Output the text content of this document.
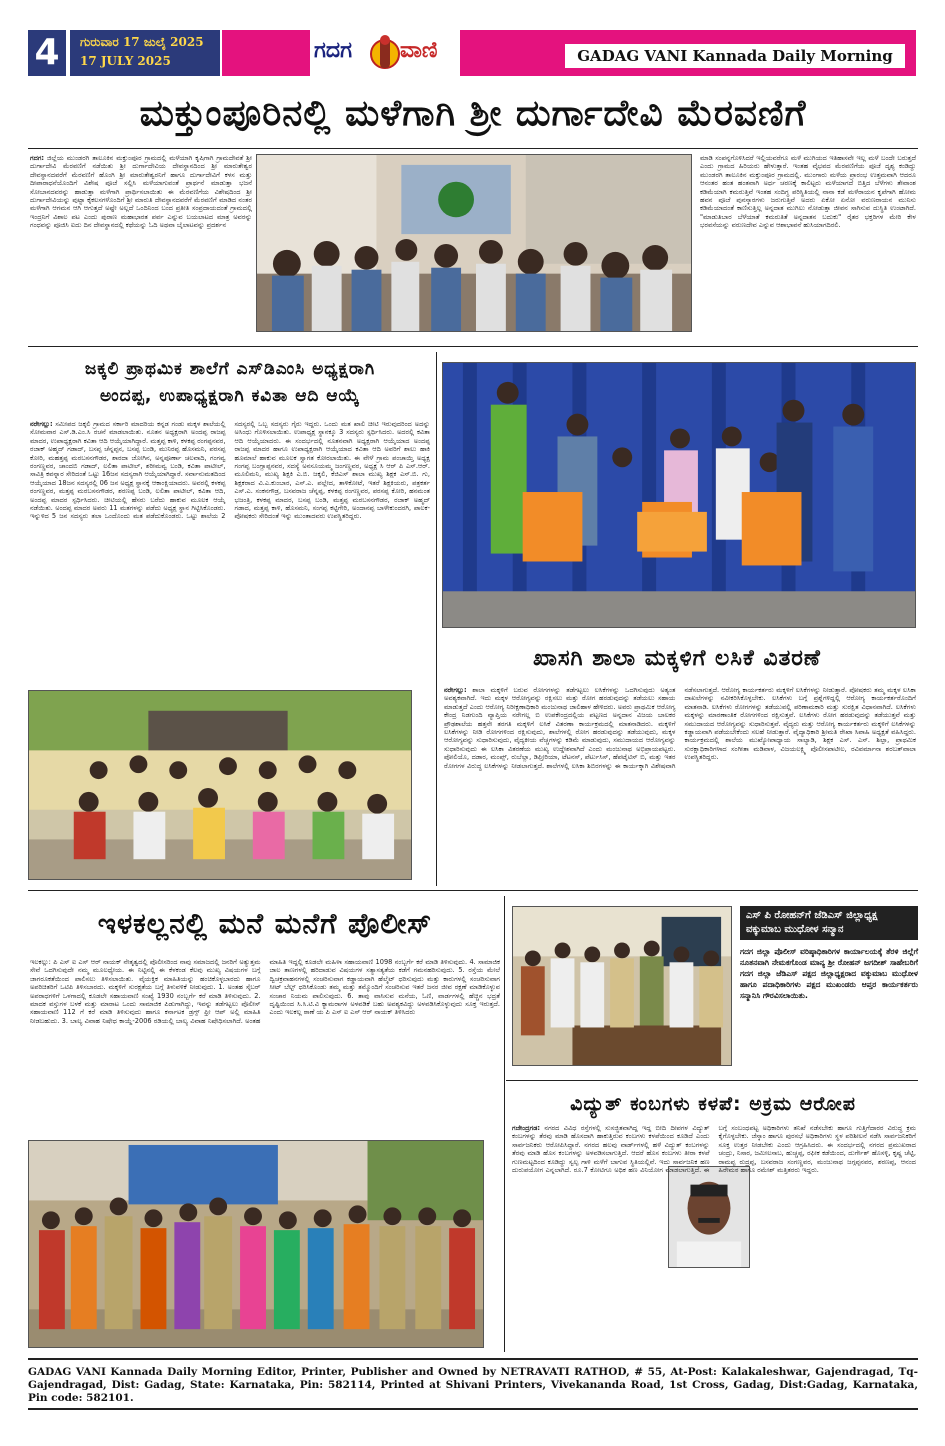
4	ಗುರುವಾರ 17 ಜುಲೈ 2025
17 JULY 2025	ಗದಗ ವಾಣಿ	GADAG VANI Kannada Daily Morning
ಮಕ್ತುಂಪೂರಿನಲ್ಲಿ ಮಳೆಗಾಗಿ ಶ್ರೀ ದುರ್ಗಾದೇವಿ ಮೆರವಣಿಗೆ
ಗದಗ: ಜಿಲ್ಲೆಯ ಮುಂಡರಗಿ ತಾಲೂಕಿನ ಮಕ್ತುಂಪೂರ ಗ್ರಾಮದಲ್ಲಿ ಮಳೆಯಾಗಿ ಕೃಷಿಗಾಗಿ ಗ್ರಾಮದೇವತೆ ಶ್ರೀ ದುರ್ಗಾದೇವಿ ಮೆರವಣಿಗೆ ನಡೆಯಿತು ಶ್ರೀ ದುರ್ಗಾದೇವಿಯ ದೇವಸ್ಥಾನದಿಂದ ಶ್ರೀ ಮಾರುತೇಶ್ವರ ದೇವಸ್ಥಾನದವರೆಗೆ ಮೆರವಣಿಗೆ ಹೊಂಗಿ ಶ್ರೀ ಮಾರುತೇಶ್ವರನಿಗೆ ಹಾಗೂ ದುರ್ಗಾದೇವಿಗೆ ಕಳಸ ಮತ್ತು ದೀಪಾರಾಧನೆಯೊಂದಿಗೆ ವಿಶೇಷ ಪೂಜೆ ಸಲ್ಲಿಸಿ ಮಳೆಯಾಗುವಂತೆ ಪ್ರಾರ್ಥನೆ ಮಾಡುತ್ತಾ ಭಜನೆ ಸೋಬಾನದವರನ್ನು ಹಾಡುತ್ತಾ ಮಳೆಗಾಗಿ ಪ್ರಾರ್ಥಿಸಲಾಯಿತು ಈ ಮೆರವಣಿಗೆಯ ವಿಶೇಷದಿಂದ ಶ್ರೀ ದುರ್ಗಾದೇವಿಯನ್ನು ಪುಟ್ಟಾ ಕೈಕಲಸಗಳೊಂದಿಗೆ ಶ್ರೀ ಮಾರುತಿ ದೇವಸ್ಥಾನದವರೆಗೆ ಮೆರವಣಿಗೆ ಮಾಡಿದ ನಂತರ ಮಳೆಗಾಗಿ ಆಗಮನ ಆಗಿ ಆಗುತ್ತದೆ ಅಷ್ಟೇ ಅಲ್ಲದೆ ಒಂದಿನಿಂದ ಬಂದ ಪ್ರತೀತಿ ಸಂಪ್ರದಾಯದಂತೆ ಗ್ರಾಮದಲ್ಲಿ ಇಂದ್ರನಿಗೆ ವಿಶಾಲ ಪಟ ಎಂದು ಪುರಾಣ ಮಹಾಭಾರತ ಪರ್ವ ಎನ್ನುವ ಬಯಲಾಟದ ಮಾತ್ರ ಅವರನ್ನು ಗಂಧವನ್ನು ಪೂಜಿಸಿ ಐದು ದಿನ ದೇವಸ್ಥಾನದಲ್ಲಿ ಕಥೆಯನ್ನು ಓದಿ ಅಥವಾ ಬೈಲಾಟವನ್ನು ಪ್ರದರ್ಶನ
ಮಾಡಿ ಸಂಪನ್ನಗೊಳಿಸಿದರೆ ಇಲ್ಲಿಯವರೆಗೂ ಮಳೆ ಮುಗಿಯದ ಇತಿಹಾಸವೇ ಇಲ್ಲ ಮಳೆ ಬಂದೇ ಬರುತ್ತದೆ ಎಂದು ಗ್ರಾಮದ ಹಿರಿಯರು ಹೇಳುತ್ತಾರೆ. ಇಂತಹ ವೈಭವದ ಮೆರವಣಿಗೆಯ ಪೂಜೆ ದೃಶ್ಯ ಕಂಡಿದ್ದು ಮುಂಡರಗಿ ತಾಲೂಕಿನ ಮಕ್ತುಂಪೂರ ಗ್ರಾಮದಲ್ಲಿ. ಮುಂಗಾರು ಮಳೆಯ ಪ್ರಾರಂಭ ಉತ್ತಮವಾಗಿ ಆದರೂ ಆನಂತರ ಹಂತ ಹಂತವಾಗಿ ಅರ್ಧ ಚರಣಕ್ಕೆ ಕಾಲಿಟ್ಟರು ಮಳೆಯಾಗದೆ ಬಿತ್ತಿದ ಬೆಳೆಗಳು ತೇವಾಂಶ ಕಡಿಮೆಯಾಗಿ ಕಮರುತ್ತಿವೆ ಇಂತಹ ಸಂದಿಗ್ಧ ಪರಿಸ್ಥಿತಿಯಲ್ಲಿ ನಾನಾ ಕಡೆ ಮಳೆರಾಯನ ಕೃಪೆಗಾಗಿ ಹೋಮ ಹವನ ಪೂಜೆ ಪುನಸ್ಕಾರಗಳು ಜರುಗುತ್ತಿವೆ ಅದರು ಏಕೋ ಏನೋ ವರುಣರಾಯನ ಮುನಿಸು ಕಡಿಮೆಯಾದಂತೆ ಕಾಣಿಸುತ್ತಿಲ್ಲ ಅನ್ನದಾತ ಮುಗಿಲು ನೋಡುತ್ತಾ ಜೀವನ ಸಾಗಿಸುವ ದುಸ್ಥಿತಿ ಉಂಟಾಗಿದೆ. "ಮಾಡುತಿಬಾರ ಬೆಳೆಯಾತೆ ಕಮರುತಿತೆ ಅನ್ನದಾತನ ಬದುಕು" ರೈತರ ಭಕ್ತರಿಗಳ ಮೇರಿ ಕೇಳ ಭರವಸೆಯನ್ನು ವರುಣದೇವ ಎನ್ನುವ ಆಶಾಭಾವನೆ ಹುಸಿಯಾಗದಿರಲಿ.
ಜಕ್ಕಲಿ ಪ್ರಾಥಮಿಕ ಶಾಲೆಗೆ ಎಸ್‌ಡಿಎಂಸಿ ಅಧ್ಯಕ್ಷರಾಗಿ
ಅಂದಪ್ಪ, ಉಪಾಧ್ಯಕ್ಷರಾಗಿ ಕವಿತಾ ಆದಿ ಆಯ್ಕೆ
ನರೇಗಲ್ಲು: ಸಮೀಪದ ಜಕ್ಕಲಿ ಗ್ರಾಮದ ಸರ್ಕಾರಿ ಮಾದರಿಯ ಕನ್ನಡ ಗಂಡು ಮಕ್ಕಳ ಶಾಲೆಯಲ್ಲಿ ಸೋಮವಾರ ಎಸ್.ಡಿ.ಎಂ.ಸಿ ರಚನೆ ಮಾಡಲಾಯಿತು. ನೂತನ ಅಧ್ಯಕ್ಷರಾಗಿ ಅಂದಪ್ಪ ರಾಜಪ್ಪ ಮಾದರ, ಉಪಾಧ್ಯಕ್ಷರಾಗಿ ಕವಿತಾ ಆದಿ ಆಯ್ಕೆಯಾಗಿದ್ದಾರೆ. ಮತ್ತಪ್ಪ ಕಾಳಿ, ಕಳಕಪ್ಪ ರಂಗಪ್ಪನವರ, ರಜಾಕ್ ಅಹ್ಮದ್ ಗಡಾದ್, ಬಸಪ್ಪ ಚೆನ್ನಪ್ಪನ, ಬಸಪ್ಪ ಬಂಡಿ, ಮುನಿರಪ್ಪ ಹೊಸಮನಿ, ಪರಸಪ್ಪ ಕೋರಿ, ಮಹತ್ತಪ್ಪ ಮರಬಸನಗೌಡರ, ಶಾರದಾ ಜೋಗಿನ, ಅನ್ನಪೂರ್ಣಾ ಚಲವಾದಿ, ಗಂಗವ್ವ ರಂಗಣ್ಣವರ, ಚಾಂದಬಿ ಗಡಾದ್, ಲಲಿತಾ ಪಾಟೀಲ್, ಶರೀಮವ್ವ ಬಂಡಿ, ಕವಿತಾ ಪಾಟೀಲ್, ಸಾವಿತ್ರಿ ಕವನ್ನಾರ ಸೇರಿದಂತೆ ಒಟ್ಟು 16ಜನ ಸದಸ್ಯರಾಗಿ ಆಯ್ಕೆಯಾಗಿದ್ದಾರೆ. ಸರ್ವಾನುಮತದಿಂದ ಆಯ್ಕೆಯಾದ 18ಜನ ಸದಸ್ಯರಲ್ಲಿ 06 ಜನ ಅಧ್ಯಕ್ಷ ಸ್ಥಾನಕ್ಕೆ ಆಕಾಂಕ್ಷಿಯಾದರು. ಅವರಲ್ಲಿ ಕಳಕಪ್ಪ ರಂಗಣ್ಣವರ, ಮತ್ತಪ್ಪ ಮರಬಸನಗೌಡರ, ಶರಣಪ್ಪ ಬಂಡಿ, ಲಲಿತಾ ಪಾಟೀಲ್, ಕವಿತಾ ಆದಿ, ಅಂದಪ್ಪ ಮಾದರ ಸ್ಪರ್ಧಿಸಿದರು. ಚೀಟಿಯಲ್ಲಿ ಹೆಸರು ಬರೆದು ಹಾಕುವ ಮೂಲಕ ಆಯ್ಕೆ ನಡೆಯಿತು. ಅಂದಪ್ಪ ಮಾದರ ಅವರು 11 ಮತಗಳನ್ನು ಪಡೆದು ಅಧ್ಯಕ್ಷ ಸ್ಥಾನ ಗಿಟ್ಟಿಸಿಕೊಂಡರು. ಇನ್ನುಳಿದ 5 ಜನ ಸದಸ್ಯರು ತಲಾ ಒಂದೊಂದು ಮತ ಪಡೆದುಕೊಂಡರು. ಒಟ್ಟು ಶಾಲೆಯ 2 ಸದಸ್ಯರಲ್ಲಿ ಒಬ್ಬ ಸದಸ್ಯರು ಗೈರು ಇದ್ದರು. ಒಂದು ಮತ ಖಾಲಿ ಚೀಟಿ ಇರುವುದರಿಂದ ಅದನ್ನು ಅಸಿಂಧು ಗೊಳಿಸಲಾಯಿತು. ಉಪಾಧ್ಯಕ್ಷ ಸ್ಥಾನಕ್ಕೂ 3 ಸದಸ್ಯರು ಸ್ಪರ್ಧಿಸಿದರು. ಅದರಲ್ಲಿ ಕವಿತಾ ಆದಿ ಆಯ್ಕೆಯಾದರು. ಈ ಸಂದರ್ಭದಲ್ಲಿ ನೂತನವಾಗಿ ಅಧ್ಯಕ್ಷರಾಗಿ ಆಯ್ಕೆಯಾದ ಅಂದಪ್ಪ ರಾಜಪ್ಪ ಮಾದರ ಹಾಗೂ ಉಪಾಧ್ಯಕ್ಷರಾಗಿ ಆಯ್ಕೆಯಾದ ಕವಿತಾ ಆದಿ ಅವರಿಗೆ ಶಾಲು ಹಾಕಿ ಹೂಮಾಲೆ ಹಾಕುವ ಮೂಲಕ ಸ್ವಾಗತ ಕೋರಲಾಯಿತು. ಈ ವೇಳೆ ಗ್ರಾಮ ಪಂಚಾಯ್ತಿ ಅಧ್ಯಕ್ಷ ಗಂಗಪ್ಪ ಬಂಗ್ಲಾಪ್ಪನವರ, ಸದಸ್ಯೆ ಅನಸೂಯಮ್ಮ ಜಂಗಣ್ಣವರ, ಅಧ್ಯಕ್ಷ ಸಿ ಆರ್ ಪಿ ಎಸ್.ಆರ್. ಮೂಲಿಮನಿ, ಮುಖ್ಯ ಶಿಕ್ಷಕಿ ಎ.ಬಿ. ಜಕ್ಕಲಿ, ಕೆಜಿಎಸ್ ಶಾಲಾ ಮುಖ್ಯ ಶಿಕ್ಷಕ ಎಸ್.ಬಿ. ಗು, ಶಿಕ್ಷಕರಾದ ವಿ.ಎ.ಕುಂಬಾರ, ಎಸ್.ಎ. ಪಲ್ಲೇದ, ತಾಳಿಕೋಟೆ, ಇತರೆ ಶಿಕ್ಷಕಿಯರು, ಪತ್ರಕರ್ತ ಎಸ್.ಎ. ಸಂಕನಗೌಡ್ರ, ಬಸವರಾಜ ಚೆನ್ನಪ್ಪ, ಕಳಕಪ್ಪ ರಂಗಣ್ಣವರ, ಪರಸಪ್ಪ ಕೋರಿ, ಹನಮಂತ ಭಜಂತ್ರಿ, ಕಳಕಪ್ಪ ಮಾದರ, ಬಸಪ್ಪ ಬಂಡಿ, ಮತ್ತಪ್ಪ ಮರಬಸನಗೌಡರ, ರಜಾಕ್ ಅಹ್ಮದ್ ಗಡಾದ, ಮತ್ತಪ್ಪ ಕಾಳಿ, ಹೊಸಮನಿ, ಸಂಗಪ್ಪ ಕಟ್ಟಿಗೇರಿ, ಅಂದಾನಪ್ಪ ಬಾಳೇಕುಂದರಗಿ, ಪಾಲಕ-ಪೋಷಕರು ಸೇರಿದಂತೆ ಇನ್ನು ಮುಂತಾದವರು ಉಪಸ್ಥಿತರಿದ್ದರು.
ಖಾಸಗಿ ಶಾಲಾ ಮಕ್ಕಳಿಗೆ ಲಸಿಕೆ ವಿತರಣೆ
ನರೇಗಲ್ಲು: ಶಾಲಾ ಮಕ್ಕಳಿಗೆ ಬರುವ ರೋಗಗಳನ್ನು ತಡೆಗಟ್ಟಲು ಲಸಿಕೆಗಳನ್ನು ಒದಗಿಸುವುದು ಅತ್ಯಂತ ಅವಶ್ಯಕವಾಗಿದೆ. ಇದು ಮಕ್ಕಳ ಆರೋಗ್ಯವನ್ನು ರಕ್ಷಿಸಲು ಮತ್ತು ರೋಗ ಹರಡುವುದನ್ನು ತಡೆಯಲು ಸಹಾಯ ಮಾಡುತ್ತದೆ ಎಂದು ಆರೋಗ್ಯ ನಿರೀಕ್ಷಣಾಧಿಕಾರಿ ಮಂಜುನಾಥ ಜಾಲಿಹಾಳ ಹೇಳಿದರು. ಅವರು ಪ್ರಾಥಮಿಕ ಆರೋಗ್ಯ ಕೇಂದ್ರ ನಿಡಗುಂದಿ ವ್ಯಾಪ್ತಿಯ ನರೇಗಲ್ಲ ಬಿ ಉಪಕೇಂದ್ರದಲ್ಲಿಯ ಪಟ್ಟಣದ ಅನ್ನದಾನ ವಿಜಯ ಬಾಲಕರ ಪ್ರೌಢಶಾಲೆಯ ಹತ್ತನೇ ತರಗತಿ ಮಕ್ಕಳಿಗೆ ಲಸಿಕೆ ವಿತರಣಾ ಕಾರ್ಯಕ್ರಮದಲ್ಲಿ ಮಾತನಾಡಿದರು. ಮಕ್ಕಳಿಗೆ ಲಸಿಕೆಗಳನ್ನು ನೀಡಿ ರೋಗಗಳಿಂದ ರಕ್ಷಿಸುವುದು, ಶಾಲೆಗಳಲ್ಲಿ ರೋಗ ಹರಡುವುದನ್ನು ತಡೆಯುವುದು, ಮಕ್ಕಳ ಆರೋಗ್ಯವನ್ನು ಸುಧಾರಿಸುವುದು, ವೈದ್ಯಕೀಯ ವೆಚ್ಚಗಳನ್ನು ಕಡಿಮೆ ಮಾಡುವುದು, ಸಮುದಾಯದ ಆರೋಗ್ಯವನ್ನು ಸುಧಾರಿಸುವುದು ಈ ಲಸಿಕಾ ವಿತರಣೆಯ ಮುಖ್ಯ ಉದ್ದೇಶವಾಗಿದೆ ಎಂದು ಮಂಜುನಾಥ ಅಭಿಪ್ರಾಯಪಟ್ಟರು. ಪೋಲಿಯೊ, ದಡಾರ, ಮಂಪ್ಸ್, ರುಬೆಲ್ಲಾ, ಡಿಫ್ತೀರಿಯಾ, ಟೆಟನಸ್, ಪೆರ್ಟುಸಿಸ್, ಹೆಪಟೈಟಿಸ್ ಬಿ, ಮತ್ತು ಇತರ ರೋಗಗಳ ವಿರುದ್ಧ ಲಸಿಕೆಗಳನ್ನು ನೀಡಲಾಗುತ್ತದೆ. ಶಾಲೆಗಳಲ್ಲಿ ಲಸಿಕಾ ಶಿಬಿರಗಳನ್ನು ಈ ಕಾರ್ಯಕ್ಕಾಗಿ ವಿಶೇಷವಾಗಿ ನಡೆಸಲಾಗುತ್ತದೆ. ಆರೋಗ್ಯ ಕಾರ್ಯಕರ್ತರು ಮಕ್ಕಳಿಗೆ ಲಸಿಕೆಗಳನ್ನು ನೀಡುತ್ತಾರೆ. ಪೋಷಕರು ತಮ್ಮ ಮಕ್ಕಳ ಲಸಿಕಾ ದಾಖಲೆಗಳನ್ನು ನವೀಕರಿಸಿಕೊಳ್ಳಬೇಕು. ಲಸಿಕೆಗಳು ಬಗ್ಗೆ ಪ್ರಶ್ನೆಗಳಿದ್ದಲ್ಲಿ ಆರೋಗ್ಯ ಕಾರ್ಯಕರ್ತರೊಂದಿಗೆ ಮಾತನಾಡಿ. ಲಸಿಕೆಗಳು ರೋಗಗಳನ್ನು ತಡೆಯುವಲ್ಲಿ ಪರಿಣಾಮಕಾರಿ ಮತ್ತು ಸುರಕ್ಷಿತ ವಿಧಾನವಾಗಿದೆ. ಲಸಿಕೆಗಳು ಮಕ್ಕಳನ್ನು ಮಾರಣಾಂತಿಕ ರೋಗಗಳಿಂದ ರಕ್ಷಿಸುತ್ತವೆ. ಲಸಿಕೆಗಳು ರೋಗ ಹರಡುವುದನ್ನು ತಡೆಯುತ್ತವೆ ಮತ್ತು ಸಮುದಾಯದ ಆರೋಗ್ಯವನ್ನು ಸುಧಾರಿಸುತ್ತವೆ. ವೈದ್ಯರು ಮತ್ತು ಆರೋಗ್ಯ ಕಾರ್ಯಕರ್ತರು ಮಕ್ಕಳಿಗೆ ಲಸಿಕೆಗಳನ್ನು ಕಡ್ಡಾಯವಾಗಿ ಪಡೆಯಬೇಕೆಂದು ಸಲಹೆ ನೀಡುತ್ತಾರೆ. ವೈದ್ಯಾಧಿಕಾರಿ ಶ್ರೀಮತಿ ರೇಖಾ ಸಿಪಾಹಿ ಅಧ್ಯಕ್ಷತೆ ವಹಿಸಿದ್ದರು. ಕಾರ್ಯಕ್ರಮದಲ್ಲಿ ಶಾಲೆಯ ಮುಖ್ಯೋಪಾಧ್ಯಾಯ ಸಾಲ್ಯಾಡಿ, ಶಿಕ್ಷಕ ಎಸ್. ಎಸ್. ಶಿಲ್ಪಾ, ಪ್ರಾಥಮಿಕ ಸುರಕ್ಷಾಧಿಕಾರಿಗಳಾದ ಸಂಗೀತಾ ಮಡಿವಾಳ, ವಿಜಯಲಕ್ಷ್ಮಿ ಪೊಲೀಸಪಾಟೀಲ, ರವಿವರ್ಮಾನಾ ಶರಬತ್‌ವಾಲಾ ಉಪಸ್ಥಿತರಿದ್ದರು.
ಇಳಕಲ್ಲನಲ್ಲಿ ಮನೆ ಮನೆಗೆ ಪೊಲೀಸ್
ಇಲಕಲ್ಲು: ಪಿ ಎಸ್ ಐ ಎಸ್ ಆರ್ ನಾಯಕ್ ನೇತೃತ್ವದಲ್ಲಿ ಪೊಲೀಸರಿಂದ ನಾವು ಸಮಾಜದಲ್ಲಿ ಜನರಿಗೆ ಅತ್ಯುತ್ತಮ ಸೇವೆ ಒದಗಿಸುವುದೇ ನಮ್ಮ ಮೂಲಧ್ಯೇಯ. ಈ ನಿಟ್ಟಿನಲ್ಲಿ ಈ ಕೆಳಕಂಡ ಕೆಲವು ಮುಖ್ಯ ವಿಷಯಗಳ ಬಗ್ಗೆ ಜಾಗರೂಕತೆಯಿಂದ ಪಾಲಿಸಲು ತಿಳಿಸಲಾಯಿತು. ವೈಯಕ್ತಿಕ ಮಾಹಿತಿಯನ್ನು ಹಂಚಿಕೊಳ್ಳಬಾರದು ಹಾಗೂ ಅಪರಿಚಿತರಿಗೆ ಒಟಿಪಿ ತಿಳಿಸಬಾರದು. ಮಕ್ಕಳಿಗೆ ಸುರಕ್ಷತೆಯ ಬಗ್ಗೆ ತಿಳುವಳಿಕೆ ನೀಡುವುದು. 1. ಅಂತಹ ಸೈಬರ್ ಅಪರಾಧಗಳಿಗೆ ಒಳಗಾದಲ್ಲಿ ಕೂಡಲೇ ಸಹಾಯವಾಣಿ ಸಂಖ್ಯೆ 1930 ನಂಬ್ಬರ್ಗೆ ಕರೆ ಮಾಡಿ ತಿಳಿಸುವುದು. 2. ಮಾದಕ ವಸ್ತುಗಳ ಬಳಕೆ ಮತ್ತು ಮಾರಾಟ ಒಂದು ಸಾಮಾಜಿಕ ಪಿಡುಗಾಗಿದ್ದು, ಇವನ್ನು ತಡೆಗಟ್ಟಲು ಪೊಲೀಸ್ ಸಹಾಯವಾಣಿ 112 ಗೆ ಕರೆ ಮಾಡಿ ತಿಳಿಸುವುದು ಹಾಗೂ ಕರ್ನಾಟಕ ಡ್ರಗ್ಸ್ ಫ್ರೀ ಆಪ್ ಅಲ್ಲಿ ಮಾಹಿತಿ ನೀಡಬಹುದು. 3. ಬಾಲ್ಯ ವಿವಾಹ ನಿಷೇಧ ಕಾಯ್ದೆ-2006 ರಡಿಯಲ್ಲಿ ಬಾಲ್ಯ ವಿವಾಹ ನಿಷೇಧಿಸಲಾಗಿದೆ. ಅಂತಹ ಮಾಹಿತಿ ಇದ್ದಲ್ಲಿ ಕೂಡಲೇ ಮಹಿಳಾ ಸಹಾಯವಾಣಿ 1098 ನಂಬ್ಬರ್ಗೆ ಕರೆ ಮಾಡಿ ತಿಳಿಸುವುದು. 4. ಸಾಮಾಜಿಕ ಜಾಲ ತಾಣಗಳಲ್ಲಿ ಹರಿದಾಡುವ ವಿಷಯಗಳ ಸತ್ಯಾಸತ್ಯತೆಯ ಕಡೆಗೆ ಗಮನಹರಿಸುವುದು. 5. ರಸ್ತೆಯ ಮೇಲೆ ದ್ವಿಚಕ್ರವಾಹನಗಳಲ್ಲಿ ಸಂಚರಿಸುವಾಗ ಕಡ್ಡಾಯವಾಗಿ ಹೆಲ್ಮೆಟ್ ಧರಿಸುವುದು ಮತ್ತು ಕಾರುಗಳಲ್ಲಿ ಸಂಚರಿಸುವಾಗ ಸೀಟ್ ಬೆಲ್ಟ್ ಧರಿಸಿಕೊಂಡು ತಮ್ಮ ಮತ್ತು ತಮ್ಮೊಂದಿಗೆ ಸಂಚರಿಸುವ ಇತರೆ ಜನರ ಜೀವ ರಕ್ಷಣೆ ಮಾಡಿಕೊಳ್ಳುವ ಸಂಚಾರ ನಿಯಮ ಪಾಲಿಸುವುದು. 6. ತಾವು ವಾಸಿಸುವ ಮನೆಯ, ಓಣಿ, ವಾರ್ಡಗಳಲ್ಲಿ ಹೆಚ್ಚಿನ ಭದ್ರತೆ ದೃಷ್ಟಿಯಿಂದ ಸಿ.ಸಿ.ಟಿ.ವಿ ಕ್ಯಾಮರಾಗಳ ಅಳವಡಿಕೆ ಬಹು ಅವಶ್ಯಕವಿದ್ದು ಅಳವಡಿಸಿಕೊಳ್ಳುವುದು ಸೂಕ್ತ ಇರುತ್ತದೆ. ಎಂದು ಇಲಕಲ್ಲ ಠಾಣೆ ಯ ಪಿ ಎಸ್ ಐ ಎಸ್ ಆರ್ ನಾಯಕ್ ತಿಳಿಸಿದರು
ಎಸ್ ಪಿ ರೋಹನ್‌ಗೆ ಜೆಡಿಎಸ್ ಜಿಲ್ಲಾಧ್ಯಕ್ಷ ವಕ್ಕುಮಾಬ ಮುಧೋಳ ಸನ್ಮಾನ
ಗದಗ ಜಿಲ್ಲಾ ಪೊಲೀಸ್ ವರಿಷ್ಠಾಧಿಕಾರಿಗಳ ಕಾರ್ಯಾಲಯಕ್ಕೆ ತೆರಳಿ ಜಿಲ್ಲೆಗೆ ನೂತನವಾಗಿ ನೇಮಕಗೊಂಡ ಮಾನ್ಯ ಶ್ರೀ ರೋಹನ್ ಜಗದೀಶ್ ಸಾಹೇಬರಿಗೆ ಗದಗ ಜಿಲ್ಲಾ ಜೆಡಿಎಸ್ ಪಕ್ಷದ ಜಿಲ್ಲಾಧ್ಯಕ್ಷರಾದ ವಕ್ಕುಮಾಬ ಮುಧೋಳ ಹಾಗೂ ಪದಾಧಿಕಾರಿಗಳು ಪಕ್ಷದ ಮುಖಂಡರು ಆಪ್ತರ ಕಾರ್ಯಕರ್ತರು ಸನ್ಮಾನಿಸಿ ಗೌರವಿಸಲಾಯಿತು.
ವಿದ್ಯುತ್ ಕಂಬಗಳು ಕಳಪೆ: ಅಕ್ರಮ ಆರೋಪ
ಗಜೇಂದ್ರಗಡ: ನಗರದ ವಿವಿಧ ರಸ್ತೆಗಳಲ್ಲಿ ಸುಸಜ್ಜಿತವಾಗಿದ್ದ ಇದ್ದ ಬೀದಿ ದೀಪಗಳ ವಿದ್ಯುತ್ ಕಂಬಗಳನ್ನು ತೆರವು ಮಾಡಿ ಹೊಸದಾಗಿ ಹಾಕುತ್ತಿರುವ ಕಂಬಗಳು ಕಳಪೆಯಿಂದ ಕೂಡಿದೆ ಎಂದು ಸಾರ್ವಜನಿಕರು ಆರೋಪಿಸಿದ್ದಾರೆ. ನಗರದ ಹಲವು ವಾರ್ಡ್‌ಗಳಲ್ಲಿ ಹಳೆ ವಿದ್ಯುತ್ ಕಂಬಗಳನ್ನು ತೆರವು ಮಾಡಿ ಹೊಸ ಕಂಬಗಳನ್ನು ಅಳವಡಿಸಲಾಗುತ್ತಿದೆ. ಆದರೆ ಹೊಸ ಕಂಬಗಳು ತೀರಾ ಕಳಪೆ ಗುಣಮಟ್ಟದಿಂದ ಕೂಡಿದ್ದು ಸ್ವಲ್ಪ ಗಾಳಿ ಮಳೆಗೆ ಬಾಗುವ ಸ್ಥಿತಿಯಲ್ಲಿವೆ. ಇದು ಸಾರ್ವಜನಿಕ ಹಣ ದುರುಪಯೋಗ ಎನ್ನಲಾಗಿದೆ. ರೂ.7 ಕೋಟಿಗೂ ಅಧಿಕ ಹಣ ವಿನಿಯೋಗ ಮಾಡಲಾಗುತ್ತಿದೆ. ಈ ಬಗ್ಗೆ ಸಂಬಂಧಪಟ್ಟ ಅಧಿಕಾರಿಗಳು ತನಿಖೆ ನಡೆಸಬೇಕು ಹಾಗೂ ಗುತ್ತಿಗೆದಾರರ ವಿರುದ್ಧ ಕ್ರಮ ಕೈಗೊಳ್ಳಬೇಕು. ಜೆಸ್ಕಾಂ ಹಾಗೂ ಪುರಸಭೆ ಅಧಿಕಾರಿಗಳು ಸ್ಥಳ ಪರಿಶೀಲನೆ ನಡೆಸಿ ಸಾರ್ವಜನಿಕರಿಗೆ ಸೂಕ್ತ ಉತ್ತರ ನೀಡಬೇಕು ಎಂದು ಆಗ್ರಹಿಸಿದರು. ಈ ಸಂದರ್ಭದಲ್ಲಿ ನಗರದ ಪ್ರಮುಖರಾದ ಚಂದ್ರು, ನಿಸಾರ, ಜಮೀಲಸಾಬ, ಹುಚ್ಚಪ್ಪ, ರಫೀಕ ಕಡೆಯಿಂದ, ದುರ್ಗೇಶ್ ಹೊಸಳ್ಳಿ, ಕೃಷ್ಣ ಚೆಟ್ಟಿ, ರಾಮಪ್ಪ ರುದ್ರಪ್ಪ, ಬಸವರಾಜ ಸಂಗಣ್ಣವರ, ಮಂಜುನಾಥ ಜಗ್ಗಪ್ಪನವರ, ಶರಣಪ್ಪ, ಆನಂದ ಹಿರೇಮಠ ಹಾಗೂ ರಮೇಶ್ ಮತ್ತಿತರರು ಇದ್ದರು.
GADAG VANI Kannada Daily Morning Editor, Printer, Publisher and Owned by NETRAVATI RATHOD, # 55, At-Post: Kalakaleshwar, Gajendragad, Tq-Gajendragad, Dist: Gadag, State: Karnataka, Pin: 582114, Printed at Shivani Printers, Vivekananda Road, 1st Cross, Gadag, Dist:Gadag, Karnataka, Pin code: 582101.
